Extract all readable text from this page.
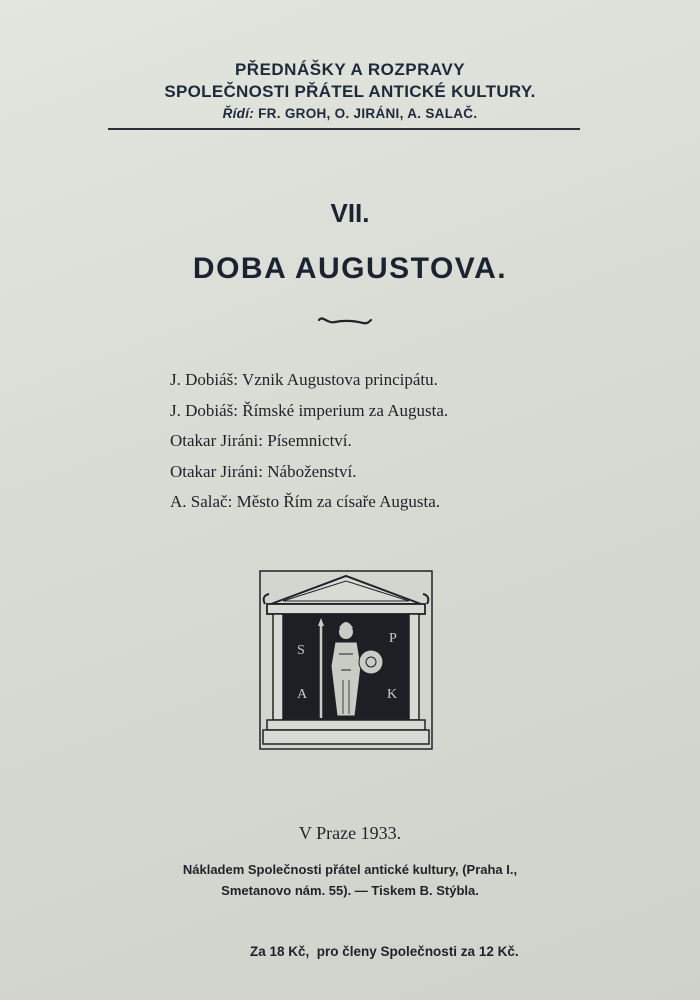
PŘEDNÁŠKY A ROZPRAVY
SPOLEČNOSTI PŘÁTEL ANTICKÉ KULTURY.
Řídí: FR. GROH, O. JIRÁNI, A. SALAČ.
VII.
DOBA AUGUSTOVA.
J. Dobiáš: Vznik Augustova principátu.
J. Dobiáš: Římské imperium za Augusta.
Otakar Jiráni: Písemnictví.
Otakar Jiráni: Náboženství.
A. Salač: Město Řím za císaře Augusta.
S
P
A	K
V Praze 1933.
Nákladem Společnosti přátel antické kultury, (Praha I.,
Smetanovo nám. 55). — Tiskem B. Stýbla.
Za 18 Kč,  pro členy Společnosti za 12 Kč.
